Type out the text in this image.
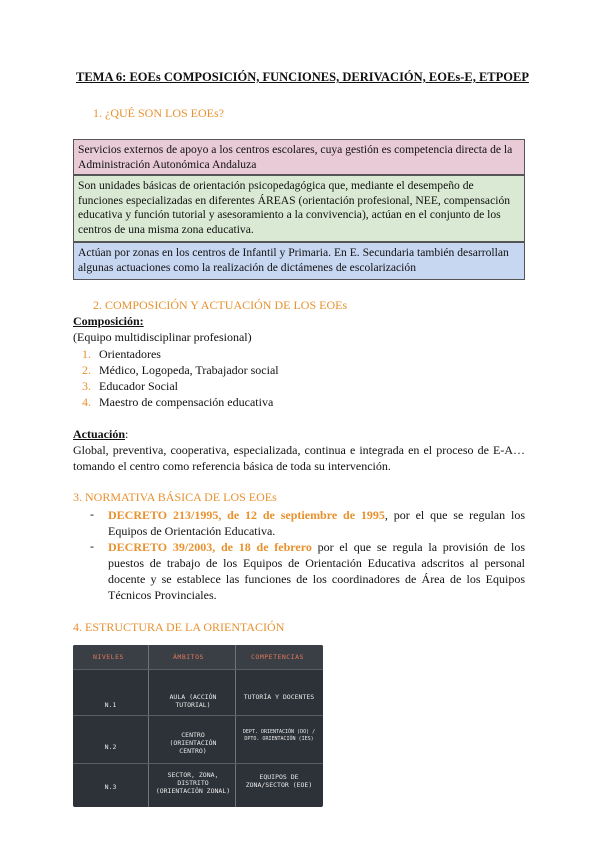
TEMA 6: EOEs COMPOSICIÓN, FUNCIONES, DERIVACIÓN, EOEs-E, ETPOEP
1. ¿QUÉ SON LOS EOEs?
Servicios externos de apoyo a los centros escolares, cuya gestión es competencia directa de la Administración Autonómica Andaluza
Son unidades básicas de orientación psicopedagógica que, mediante el desempeño de funciones especializadas en diferentes ÁREAS (orientación profesional, NEE, compensación educativa y función tutorial y asesoramiento a la convivencia), actúan en el conjunto de los centros de una misma zona educativa.
Actúan por zonas en los centros de Infantil y Primaria. En E. Secundaria también desarrollan algunas actuaciones como la realización de dictámenes de escolarización
2. COMPOSICIÓN Y ACTUACIÓN DE LOS EOEs
Composición:
(Equipo multidisciplinar profesional)
1. Orientadores
2. Médico, Logopeda, Trabajador social
3. Educador Social
4. Maestro de compensación educativa
Actuación:
Global, preventiva, cooperativa, especializada, continua e integrada en el proceso de E-A… tomando el centro como referencia básica de toda su intervención.
3. NORMATIVA BÁSICA DE LOS EOEs
- DECRETO 213/1995, de 12 de septiembre de 1995, por el que se regulan los Equipos de Orientación Educativa.
- DECRETO 39/2003, de 18 de febrero por el que se regula la provisión de los puestos de trabajo de los Equipos de Orientación Educativa adscritos al personal docente y se establece las funciones de los coordinadores de Área de los Equipos Técnicos Provinciales.
4. ESTRUCTURA DE LA ORIENTACIÓN
NIVELES	ÁMBITOS	COMPETENCIAS
N.1
AULA (ACCIÓN TUTORIAL)
TUTORÍA Y DOCENTES
N.2
CENTRO (ORIENTACIÓN CENTRO)
DEPT. ORIENTACIÓN (DO) / DPTO. ORIENTACIÓN (IES)
N.3
SECTOR, ZONA, DISTRITO (ORIENTACIÓN ZONAL)
EQUIPOS DE ZONA/SECTOR (EOE)
